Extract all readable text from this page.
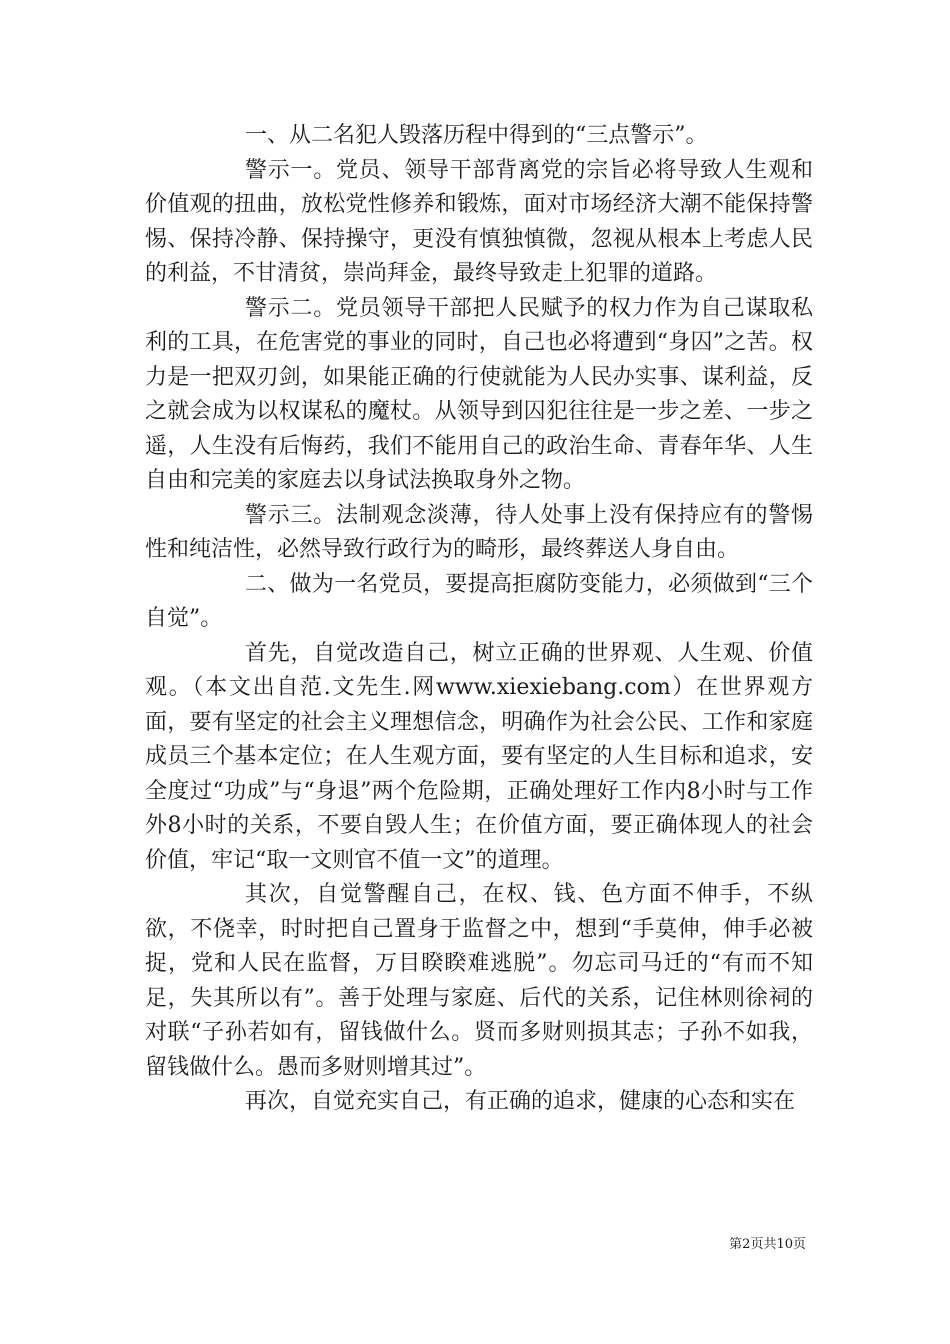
一、从二名犯人毁落历程中得到的“三点警示”。

警示一。党员、领导干部背离党的宗旨必将导致人生观和价值观的扭曲，放松党性修养和锻炼，面对市场经济大潮不能保持警惕、保持冷静、保持操守，更没有慎独慎微，忽视从根本上考虑人民的利益，不甘清贫，崇尚拜金，最终导致走上犯罪的道路。

警示二。党员领导干部把人民赋予的权力作为自己谋取私利的工具，在危害党的事业的同时，自己也必将遭到“身囚”之苦。权力是一把双刃剑，如果能正确的行使就能为人民办实事、谋利益，反之就会成为以权谋私的魔杖。从领导到囚犯往往是一步之差、一步之遥，人生没有后悔药，我们不能用自己的政治生命、青春年华、人生自由和完美的家庭去以身试法换取身外之物。

警示三。法制观念淡薄，待人处事上没有保持应有的警惕性和纯洁性，必然导致行政行为的畸形，最终葬送人身自由。

二、做为一名党员，要提高拒腐防变能力，必须做到“三个自觉”。

首先，自觉改造自己，树立正确的世界观、人生观、价值观。（本文出自范.文先生.网www.xiexiebang.com）在世界观方面，要有坚定的社会主义理想信念，明确作为社会公民、工作和家庭成员三个基本定位；在人生观方面，要有坚定的人生目标和追求，安全度过“功成”与“身退”两个危险期，正确处理好工作内8小时与工作外8小时的关系，不要自毁人生；在价值方面，要正确体现人的社会价值，牢记“取一文则官不值一文”的道理。

其次，自觉警醒自己，在权、钱、色方面不伸手，不纵欲，不侥幸，时时把自己置身于监督之中，想到“手莫伸，伸手必被捉，党和人民在监督，万目睽睽难逃脱”。勿忘司马迁的“有而不知足，失其所以有”。善于处理与家庭、后代的关系，记住林则徐祠的对联“子孙若如有，留钱做什么。贤而多财则损其志；子孙不如我，留钱做什么。愚而多财则增其过”。

再次，自觉充实自己，有正确的追求，健康的心态和实在

第2页共10页
